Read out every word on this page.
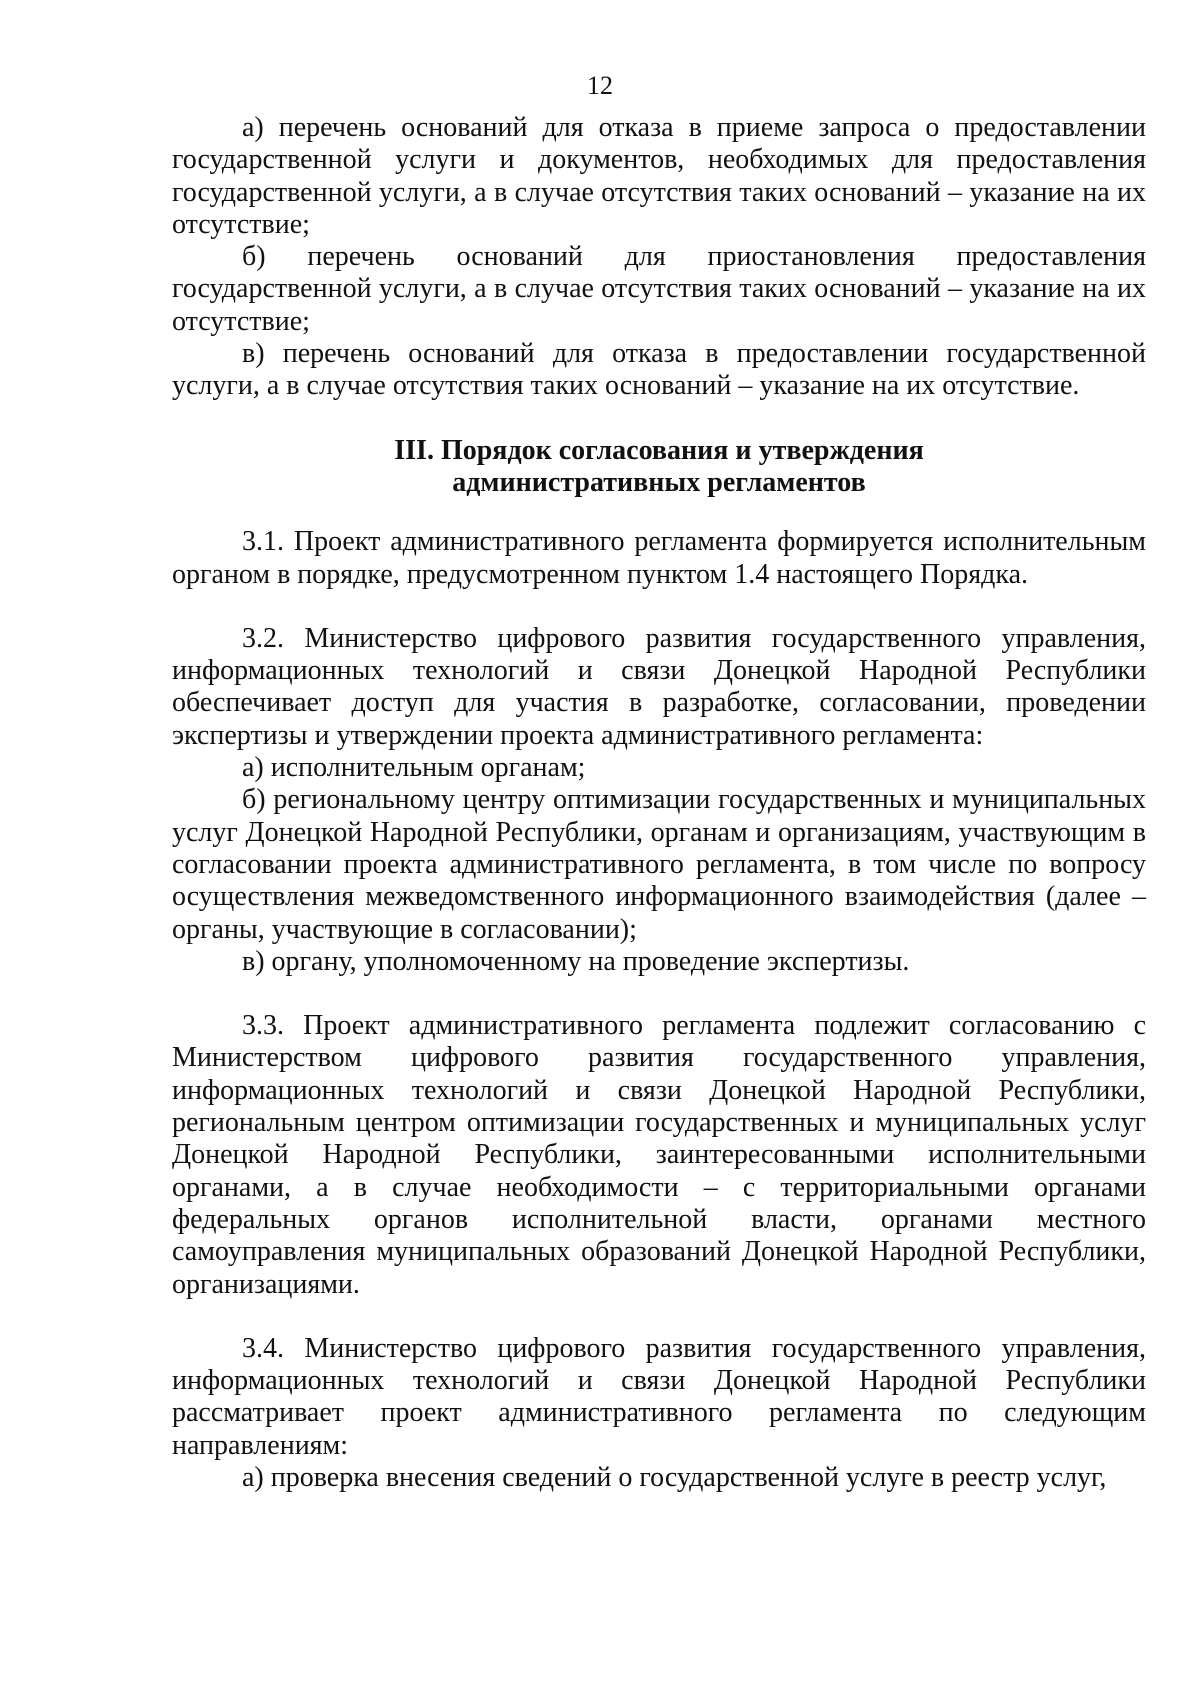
12

а) перечень оснований для отказа в приеме запроса о предоставлении государственной услуги и документов, необходимых для предоставления государственной услуги, а в случае отсутствия таких оснований – указание на их отсутствие;

б) перечень оснований для приостановления предоставления государственной услуги, а в случае отсутствия таких оснований – указание на их отсутствие;

в) перечень оснований для отказа в предоставлении государственной услуги, а в случае отсутствия таких оснований – указание на их отсутствие.

III. Порядок согласования и утверждения
административных регламентов

3.1. Проект административного регламента формируется исполнительным органом в порядке, предусмотренном пунктом 1.4 настоящего Порядка.

3.2. Министерство цифрового развития государственного управления, информационных технологий и связи Донецкой Народной Республики обеспечивает доступ для участия в разработке, согласовании, проведении экспертизы и утверждении проекта административного регламента:

а) исполнительным органам;

б) региональному центру оптимизации государственных и муниципальных услуг Донецкой Народной Республики, органам и организациям, участвующим в согласовании проекта административного регламента, в том числе по вопросу осуществления межведомственного информационного взаимодействия (далее – органы, участвующие в согласовании);

в) органу, уполномоченному на проведение экспертизы.

3.3. Проект административного регламента подлежит согласованию с Министерством цифрового развития государственного управления, информационных технологий и связи Донецкой Народной Республики, региональным центром оптимизации государственных и муниципальных услуг Донецкой Народной Республики, заинтересованными исполнительными органами, а в случае необходимости – с территориальными органами федеральных органов исполнительной власти, органами местного самоуправления муниципальных образований Донецкой Народной Республики, организациями.

3.4. Министерство цифрового развития государственного управления, информационных технологий и связи Донецкой Народной Республики рассматривает проект административного регламента по следующим направлениям:

а) проверка внесения сведений о государственной услуге в реестр услуг,
